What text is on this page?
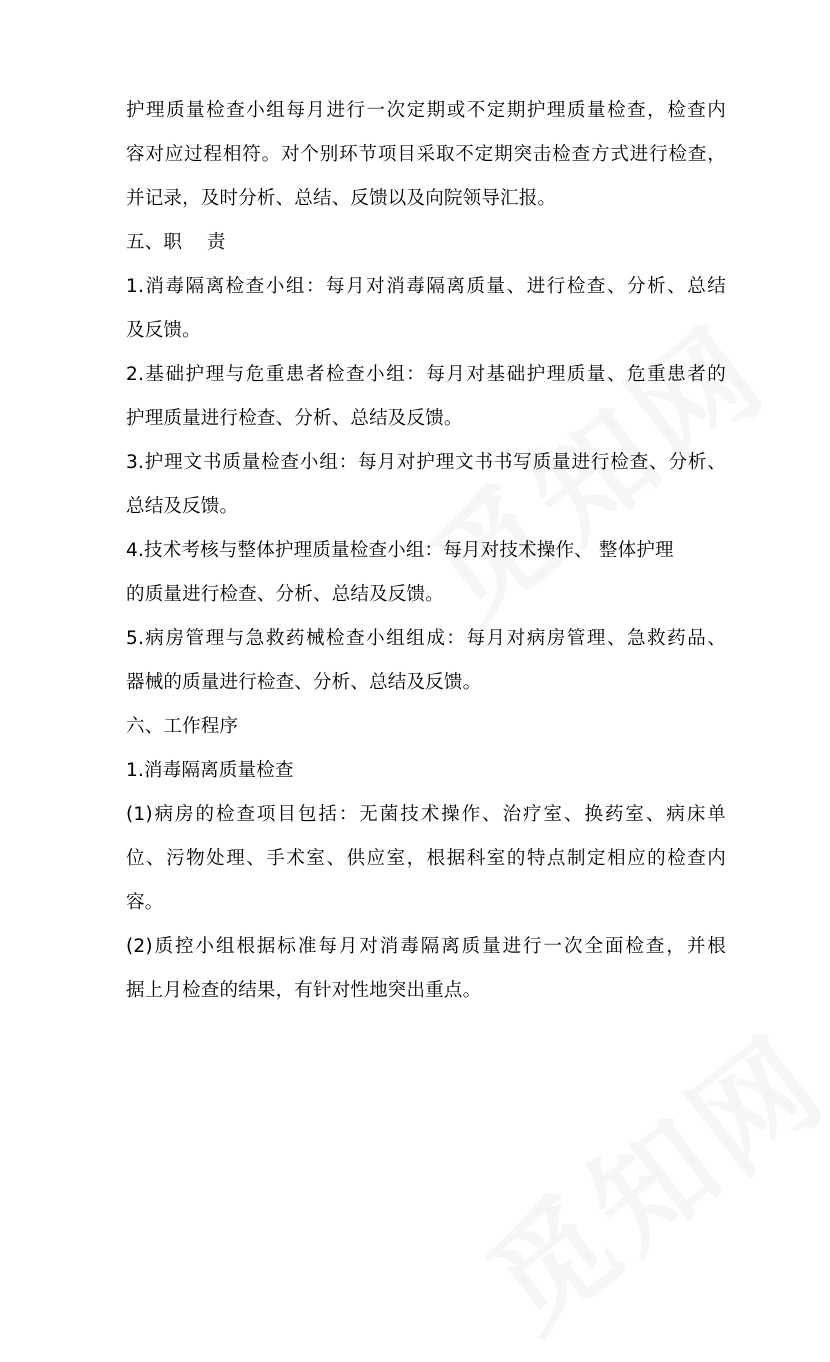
护理质量检查小组每月进行一次定期或不定期护理质量检查，检查内
容对应过程相符。对个别环节项目采取不定期突击检查方式进行检查，
并记录，及时分析、总结、反馈以及向院领导汇报。
五、职　 责
1.消毒隔离检查小组：每月对消毒隔离质量、进行检查、分析、总结
及反馈。
2.基础护理与危重患者检查小组：每月对基础护理质量、危重患者的
护理质量进行检查、分析、总结及反馈。
3.护理文书质量检查小组：每月对护理文书书写质量进行检查、分析、
总结及反馈。
4.技术考核与整体护理质量检查小组：每月对技术操作、 整体护理
的质量进行检查、分析、总结及反馈。
5.病房管理与急救药械检查小组组成：每月对病房管理、急救药品、
器械的质量进行检查、分析、总结及反馈。
六、工作程序
1.消毒隔离质量检查
(1)病房的检查项目包括：无菌技术操作、治疗室、换药室、病床单
位、污物处理、手术室、供应室，根据科室的特点制定相应的检查内
容。
(2)质控小组根据标准每月对消毒隔离质量进行一次全面检查，并根
据上月检查的结果，有针对性地突出重点。
